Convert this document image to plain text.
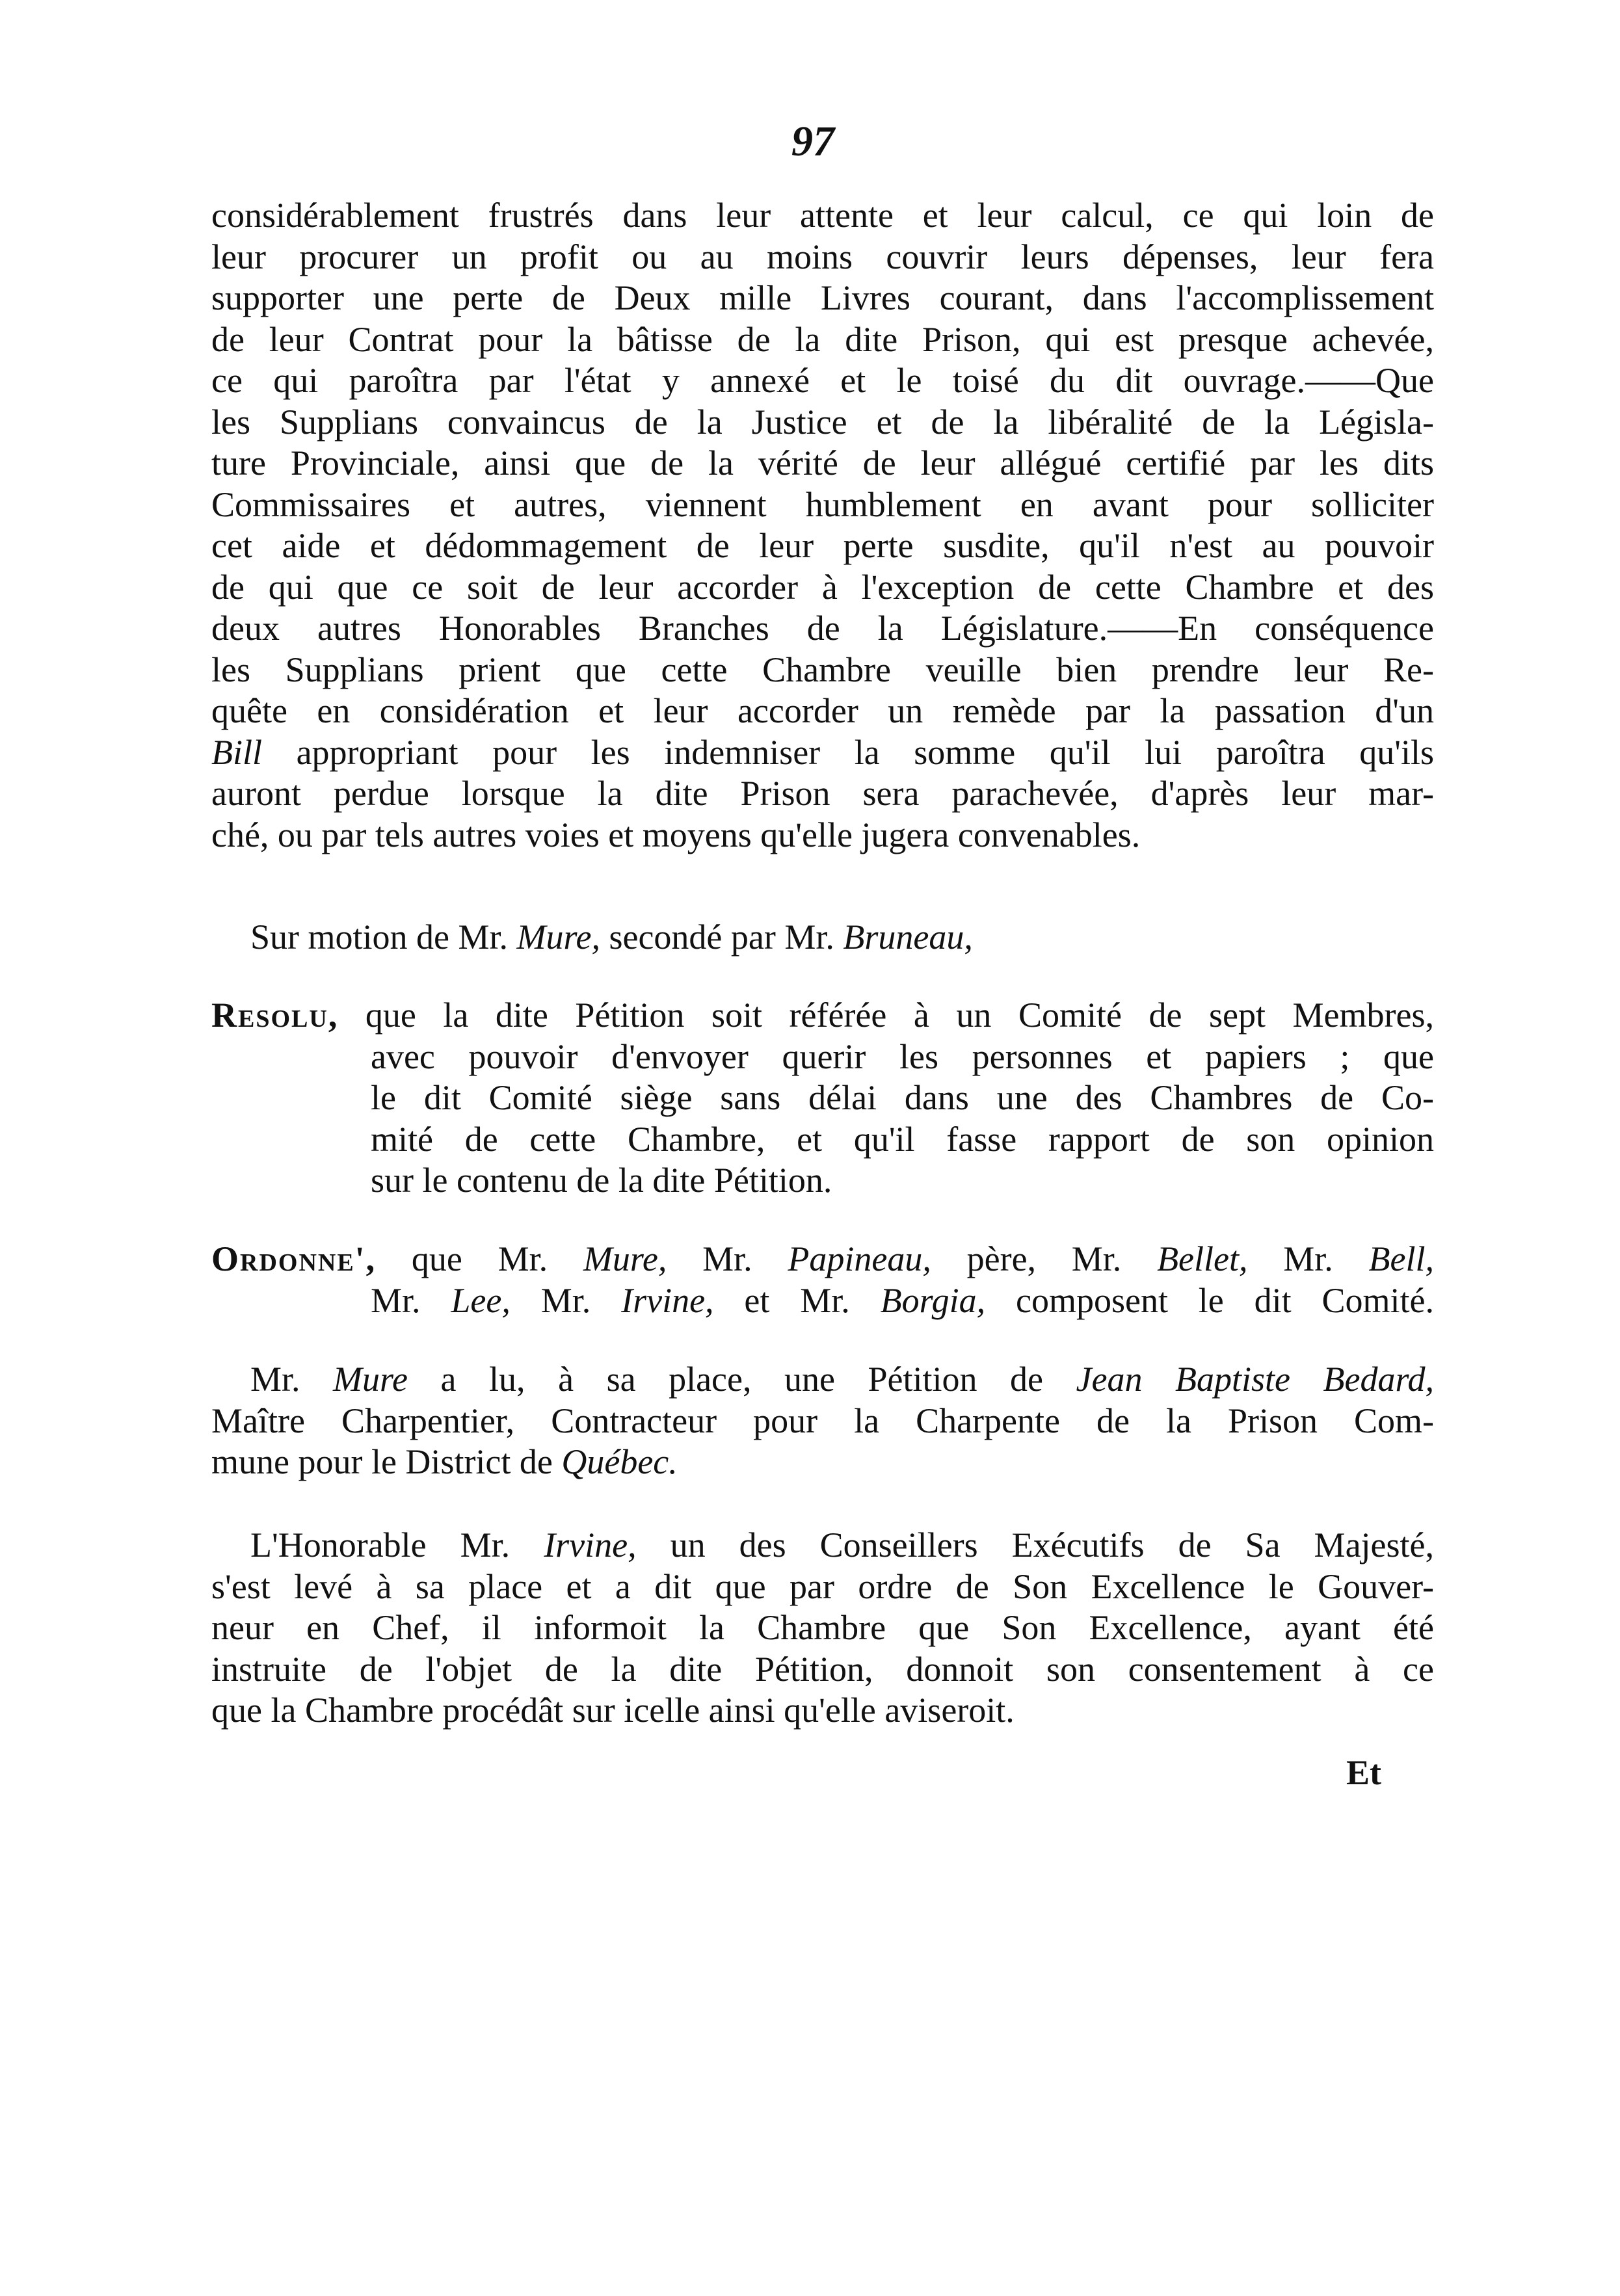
97
considérablement frustrés dans leur attente et leur calcul, ce qui loin de
leur procurer un profit ou au moins couvrir leurs dépenses, leur fera
supporter une perte de Deux mille Livres courant, dans l'accomplissement
de leur Contrat pour la bâtisse de la dite Prison, qui est presque achevée,
ce qui paroîtra par l'état y annexé et le toisé du dit ouvrage.——Que
les Supplians convaincus de la Justice et de la libéralité de la Législa-
ture Provinciale, ainsi que de la vérité de leur allégué certifié par les dits
Commissaires et autres, viennent humblement en avant pour solliciter
cet aide et dédommagement de leur perte susdite, qu'il n'est au pouvoir
de qui que ce soit de leur accorder à l'exception de cette Chambre et des
deux autres Honorables Branches de la Législature.——En conséquence
les Supplians prient que cette Chambre veuille bien prendre leur Re-
quête en considération et leur accorder un remède par la passation d'un
Bill appropriant pour les indemniser la somme qu'il lui paroîtra qu'ils
auront perdue lorsque la dite Prison sera parachevée, d'après leur mar-
ché, ou par tels autres voies et moyens qu'elle jugera convenables.
Sur motion de Mr. Mure, secondé par Mr. Bruneau,
Resolu, que la dite Pétition soit référée à un Comité de sept Membres,
avec pouvoir d'envoyer querir les personnes et papiers ; que
le dit Comité siège sans délai dans une des Chambres de Co-
mité de cette Chambre, et qu'il fasse rapport de son opinion
sur le contenu de la dite Pétition.
Ordonne', que Mr. Mure, Mr. Papineau, père, Mr. Bellet, Mr. Bell,
Mr. Lee, Mr. Irvine, et Mr. Borgia, composent le dit Comité.
Mr. Mure a lu, à sa place, une Pétition de Jean Baptiste Bedard,
Maître Charpentier, Contracteur pour la Charpente de la Prison Com-
mune pour le District de Québec.
L'Honorable Mr. Irvine, un des Conseillers Exécutifs de Sa Majesté,
s'est levé à sa place et a dit que par ordre de Son Excellence le Gouver-
neur en Chef, il informoit la Chambre que Son Excellence, ayant été
instruite de l'objet de la dite Pétition, donnoit son consentement à ce
que la Chambre procédât sur icelle ainsi qu'elle aviseroit.
Et
